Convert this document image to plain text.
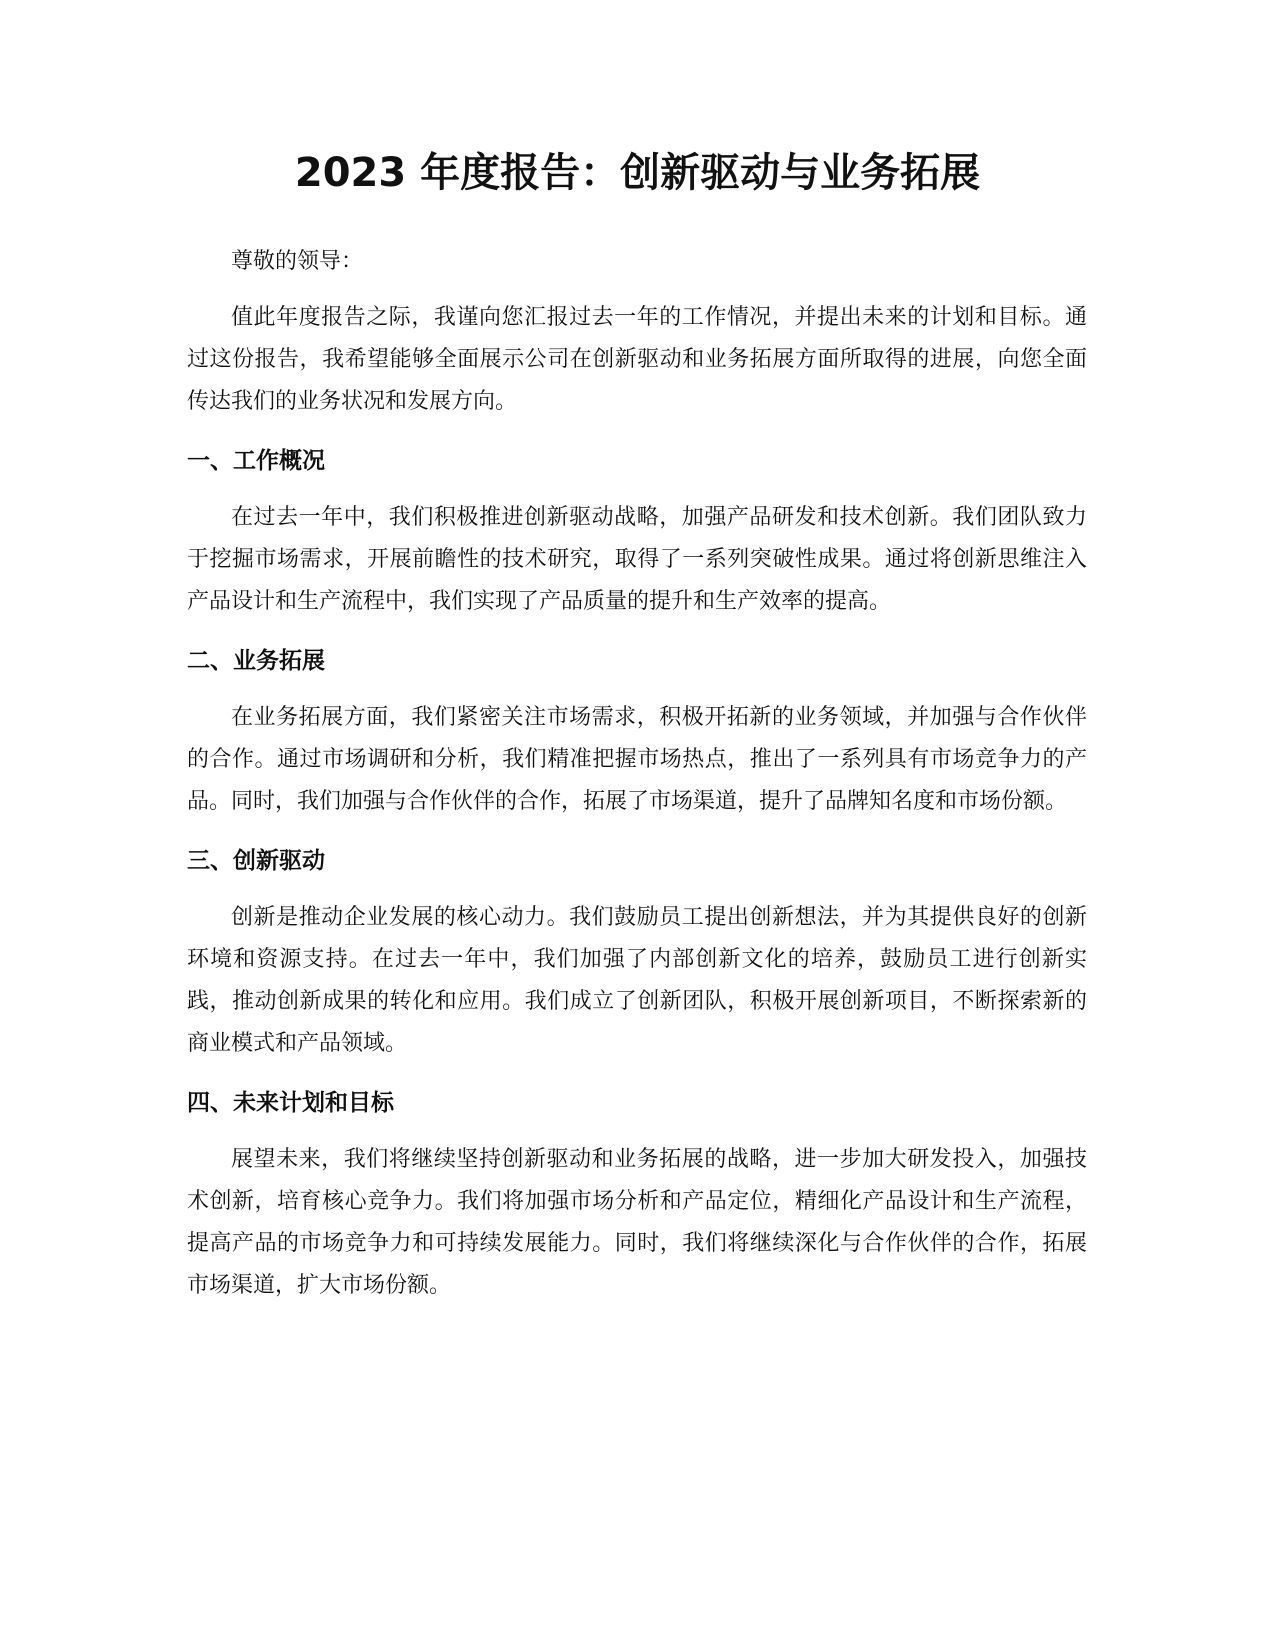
2023 年度报告：创新驱动与业务拓展

尊敬的领导：

值此年度报告之际，我谨向您汇报过去一年的工作情况，并提出未来的计划和目标。通过这份报告，我希望能够全面展示公司在创新驱动和业务拓展方面所取得的进展，向您全面传达我们的业务状况和发展方向。

一、工作概况

在过去一年中，我们积极推进创新驱动战略，加强产品研发和技术创新。我们团队致力于挖掘市场需求，开展前瞻性的技术研究，取得了一系列突破性成果。通过将创新思维注入产品设计和生产流程中，我们实现了产品质量的提升和生产效率的提高。

二、业务拓展

在业务拓展方面，我们紧密关注市场需求，积极开拓新的业务领域，并加强与合作伙伴的合作。通过市场调研和分析，我们精准把握市场热点，推出了一系列具有市场竞争力的产品。同时，我们加强与合作伙伴的合作，拓展了市场渠道，提升了品牌知名度和市场份额。

三、创新驱动

创新是推动企业发展的核心动力。我们鼓励员工提出创新想法，并为其提供良好的创新环境和资源支持。在过去一年中，我们加强了内部创新文化的培养，鼓励员工进行创新实践，推动创新成果的转化和应用。我们成立了创新团队，积极开展创新项目，不断探索新的商业模式和产品领域。

四、未来计划和目标

展望未来，我们将继续坚持创新驱动和业务拓展的战略，进一步加大研发投入，加强技术创新，培育核心竞争力。我们将加强市场分析和产品定位，精细化产品设计和生产流程，提高产品的市场竞争力和可持续发展能力。同时，我们将继续深化与合作伙伴的合作，拓展市场渠道，扩大市场份额。
